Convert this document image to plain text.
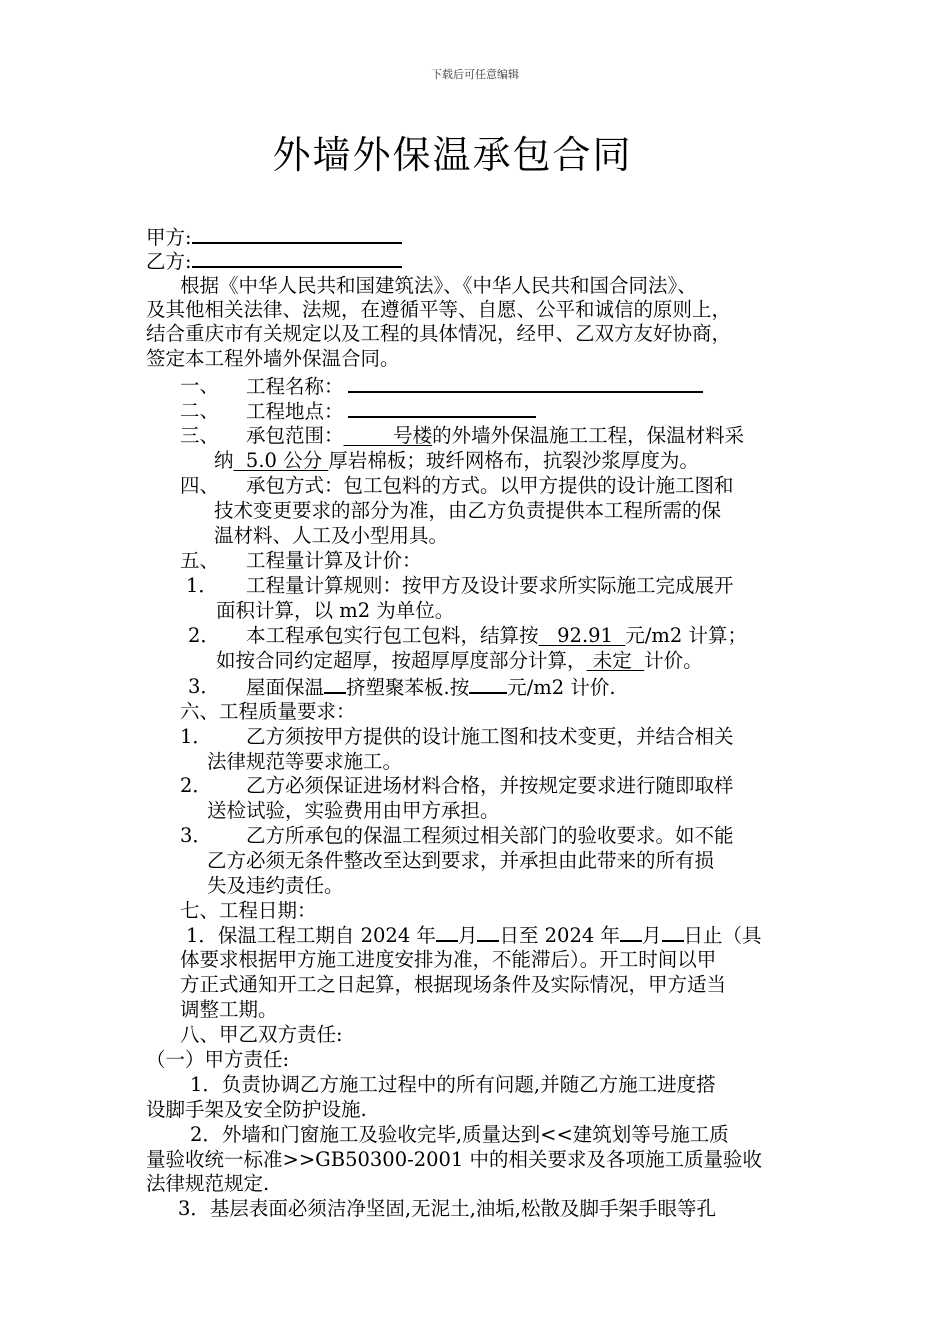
下载后可任意编辑
外墙外保温承包合同
甲方:
乙方:
根据《中华人民共和国建筑法》、《中华人民共和国合同法》、
及其他相关法律、法规，在遵循平等、自愿、公平和诚信的原则上，
结合重庆市有关规定以及工程的具体情况，经甲、乙双方友好协商，
签定本工程外墙外保温合同。
一、 工程名称：
二、 工程地点：
三、 承包范围：	号楼的外墙外保温施工工程，保温材料采
纳 5.0 公分 厚岩棉板；玻纤网格布，抗裂沙浆厚度为。
四、 承包方式：包工包料的方式。以甲方提供的设计施工图和
技术变更要求的部分为准，由乙方负责提供本工程所需的保
温材料、人工及小型用具。
五、 工程量计算及计价：
1． 工程量计算规则：按甲方及设计要求所实际施工完成展开
面积计算，以 m2 为单位。
2． 本工程承包实行包工包料，结算按 92.91 元/m2 计算；
如按合同约定超厚，按超厚厚度部分计算， 未定 计价。
3． 屋面保温 挤塑聚苯板.按 元/m2 计价.
六、工程质量要求：
1． 乙方须按甲方提供的设计施工图和技术变更，并结合相关
法律规范等要求施工。
2． 乙方必须保证进场材料合格，并按规定要求进行随即取样
送检试验，实验费用由甲方承担。
3． 乙方所承包的保温工程须过相关部门的验收要求。如不能
乙方必须无条件整改至达到要求，并承担由此带来的所有损
失及违约责任。
七、工程日期：
1．保温工程工期自 2024 年 月 日至 2024 年 月 日止（具
体要求根据甲方施工进度安排为准，不能滞后）。开工时间以甲
方正式通知开工之日起算，根据现场条件及实际情况，甲方适当
调整工期。
八、甲乙双方责任:
（一）甲方责任:
1．负责协调乙方施工过程中的所有问题,并随乙方施工进度搭
设脚手架及安全防护设施.
2．外墙和门窗施工及验收完毕,质量达到<<建筑划等号施工质
量验收统一标准>>GB50300-2001 中的相关要求及各项施工质量验收
法律规范规定.
3．基层表面必须洁净坚固,无泥土,油垢,松散及脚手架手眼等孔
